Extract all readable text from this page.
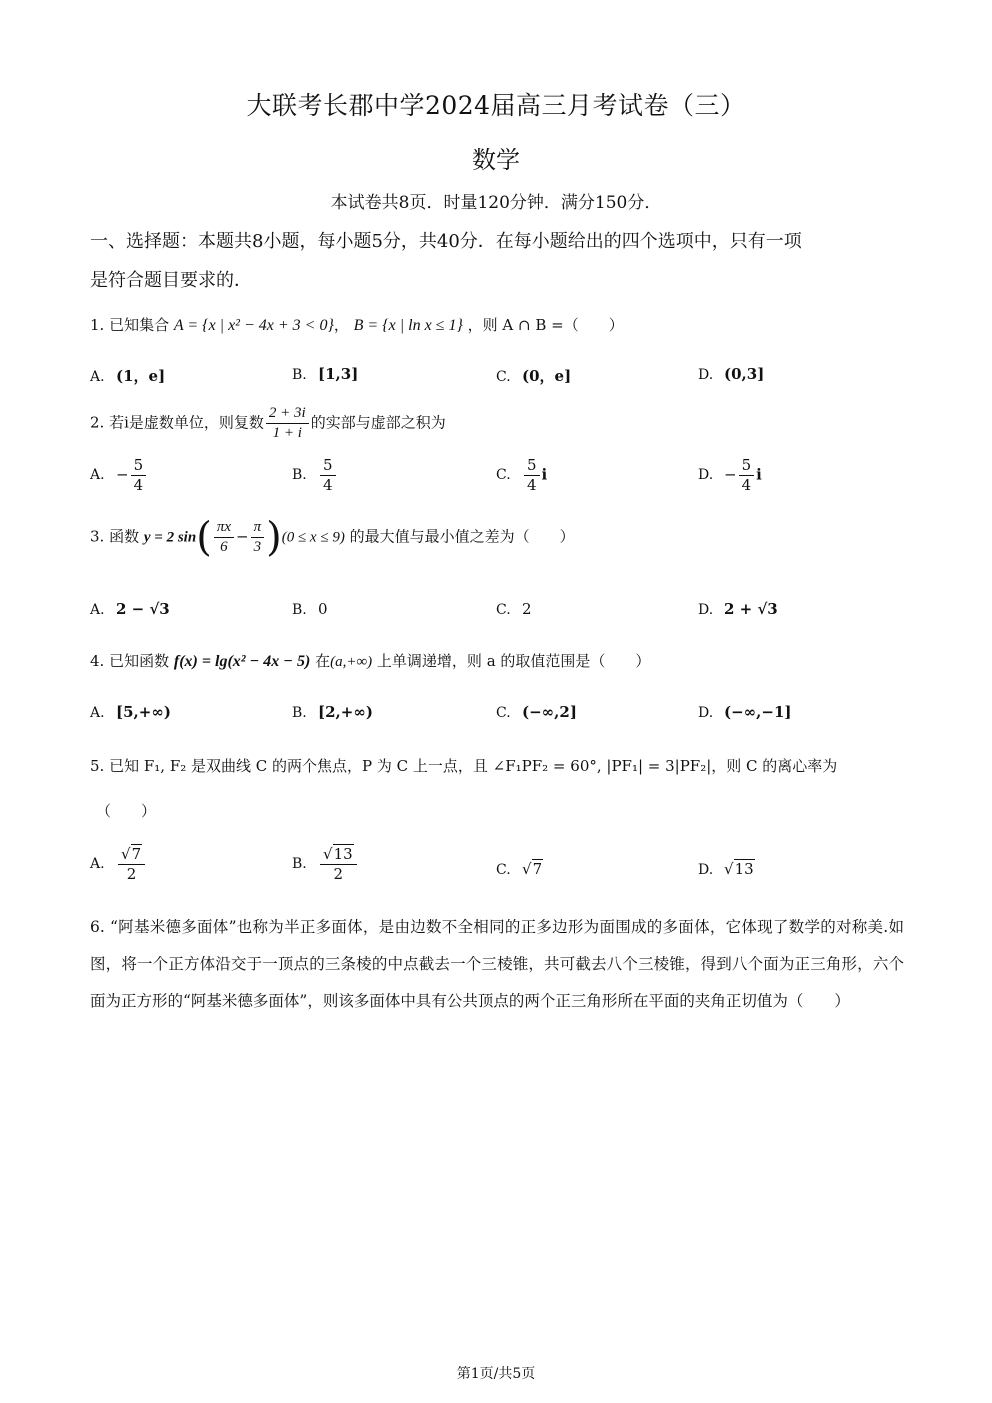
大联考长郡中学2024届高三月考试卷（三）
数学
本试卷共8页．时量120分钟．满分150分．
一、选择题：本题共8小题，每小题5分，共40分．在每小题给出的四个选项中，只有一项
是符合题目要求的．
1. 已知集合 A = {x | x² − 4x + 3 < 0}， B = {x | ln x ≤ 1} ，则 A ∩ B =（　　）
A. (1，e]	B. [1,3]	C. (0，e]	D. (0,3]
2. 若i是虚数单位，则复数 $\frac{2 + 3i}{1 + i}$ 的实部与虚部之积为
A. − $\frac{5}{4}$	B. $\frac{5}{4}$	C. $\frac{5}{4}$ i	D. − $\frac{5}{4}$ i
3. 函数 y = 2 $\sin( \frac{\pi x}{6} - \frac{\pi}{3} )(0 \le x \le 9)$ 的最大值与最小值之差为（　　）
A. 2 − √3	B. 0	C. 2	D. 2 + √3
4. 已知函数 f(x) = lg(x² − 4x − 5) 在(a,+∞) 上单调递增，则 a 的取值范围是（　　）
A. [5,+∞)	B. [2,+∞)	C. (−∞,2]	D. (−∞,−1]
5. 已知 F₁, F₂ 是双曲线 C 的两个焦点，P 为 C 上一点，且 ∠F₁PF₂ = 60°, |PF₁| = 3|PF₂|，则 C 的离心率为
（　　）
A. $\frac{√7}{2}$	B. $\frac{√13}{2}$	C. √7	D. √13
6. “阿基米德多面体”也称为半正多面体，是由边数不全相同的正多边形为面围成的多面体，它体现了数学的对称美.如图，将一个正方体沿交于一顶点的三条棱的中点截去一个三棱锥，共可截去八个三棱锥，得到八个面为正三角形，六个面为正方形的“阿基米德多面体”，则该多面体中具有公共顶点的两个正三角形所在平面的夹角正切值为（　　）
第1页/共5页
